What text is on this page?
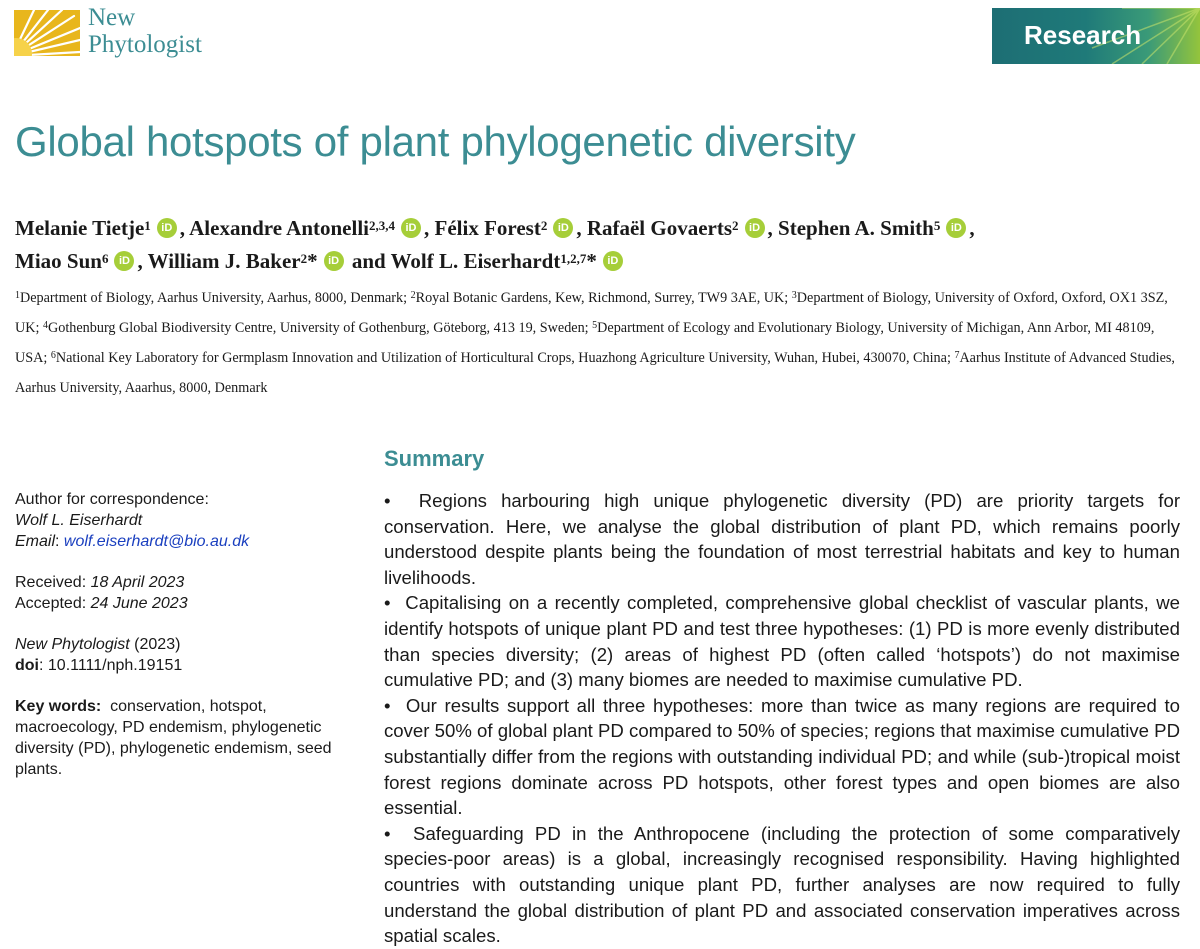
New
Phytologist	Research
Global hotspots of plant phylogenetic diversity
Melanie Tietje$^1$ iD , Alexandre Antonelli$^{2,3,4}$ iD , Félix Forest$^2$ iD , Rafaël Govaerts$^2$ iD , Stephen A. Smith$^5$ iD ,
Miao Sun$^6$ iD , William J. Baker$^2$* iD and Wolf L. Eiserhardt$^{1,2,7}$* iD
$^1$Department of Biology, Aarhus University, Aarhus, 8000, Denmark; $^2$Royal Botanic Gardens, Kew, Richmond, Surrey, TW9 3AE, UK; $^3$Department of Biology, University of Oxford, Oxford, OX1 3SZ, UK; $^4$Gothenburg Global Biodiversity Centre, University of Gothenburg, Göteborg, 413 19, Sweden; $^5$Department of Ecology and Evolutionary Biology, University of Michigan, Ann Arbor, MI 48109, USA; $^6$National Key Laboratory for Germplasm Innovation and Utilization of Horticultural Crops, Huazhong Agriculture University, Wuhan, Hubei, 430070, China; $^7$Aarhus Institute of Advanced Studies, Aarhus University, Aaarhus, 8000, Denmark
Author for correspondence:
Wolf L. Eiserhardt
Email: wolf.eiserhardt@bio.au.dk
Received: 18 April 2023
Accepted: 24 June 2023
New Phytologist (2023)
doi: 10.1111/nph.19151
Key words: conservation, hotspot, macroecology, PD endemism, phylogenetic diversity (PD), phylogenetic endemism, seed plants.
Summary

•  Regions harbouring high unique phylogenetic diversity (PD) are priority targets for conservation. Here, we analyse the global distribution of plant PD, which remains poorly understood despite plants being the foundation of most terrestrial habitats and key to human livelihoods.

•  Capitalising on a recently completed, comprehensive global checklist of vascular plants, we identify hotspots of unique plant PD and test three hypotheses: (1) PD is more evenly distributed than species diversity; (2) areas of highest PD (often called ‘hotspots’) do not maximise cumulative PD; and (3) many biomes are needed to maximise cumulative PD.

•  Our results support all three hypotheses: more than twice as many regions are required to cover 50% of global plant PD compared to 50% of species; regions that maximise cumulative PD substantially differ from the regions with outstanding individual PD; and while (sub-)tropical moist forest regions dominate across PD hotspots, other forest types and open biomes are also essential.

•  Safeguarding PD in the Anthropocene (including the protection of some comparatively species-poor areas) is a global, increasingly recognised responsibility. Having highlighted countries with outstanding unique plant PD, further analyses are now required to fully understand the global distribution of plant PD and associated conservation imperatives across spatial scales.
